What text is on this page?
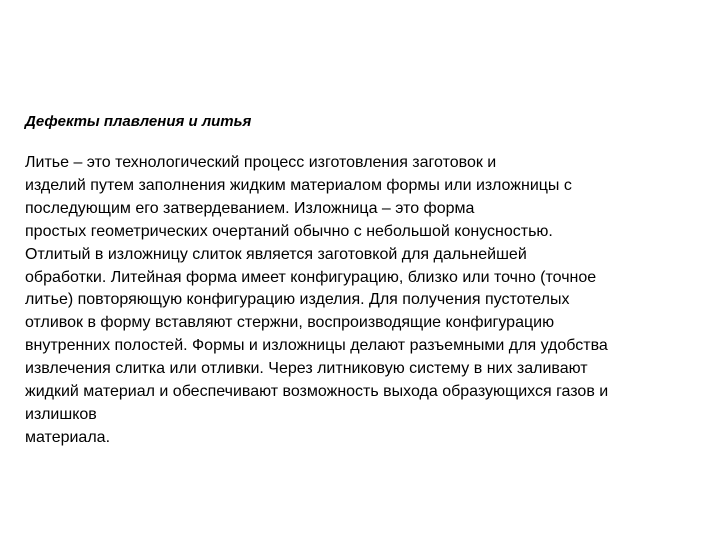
Дефекты плавления и литья
Литье – это технологический процесс изготовления заготовок и
изделий путем заполнения жидким материалом формы или изложницы с
последующим его затвердеванием. Изложница – это форма
простых геометрических очертаний обычно с небольшой конусностью.
Отлитый в изложницу слиток является заготовкой для дальнейшей
обработки. Литейная форма имеет конфигурацию, близко или точно (точное
литье) повторяющую конфигурацию изделия. Для получения пустотелых
отливок в форму вставляют стержни, воспроизводящие конфигурацию
внутренних полостей. Формы и изложницы делают разъемными для удобства
извлечения слитка или отливки. Через литниковую систему в них заливают
жидкий материал и обеспечивают возможность выхода образующихся газов и
излишков
материала.
